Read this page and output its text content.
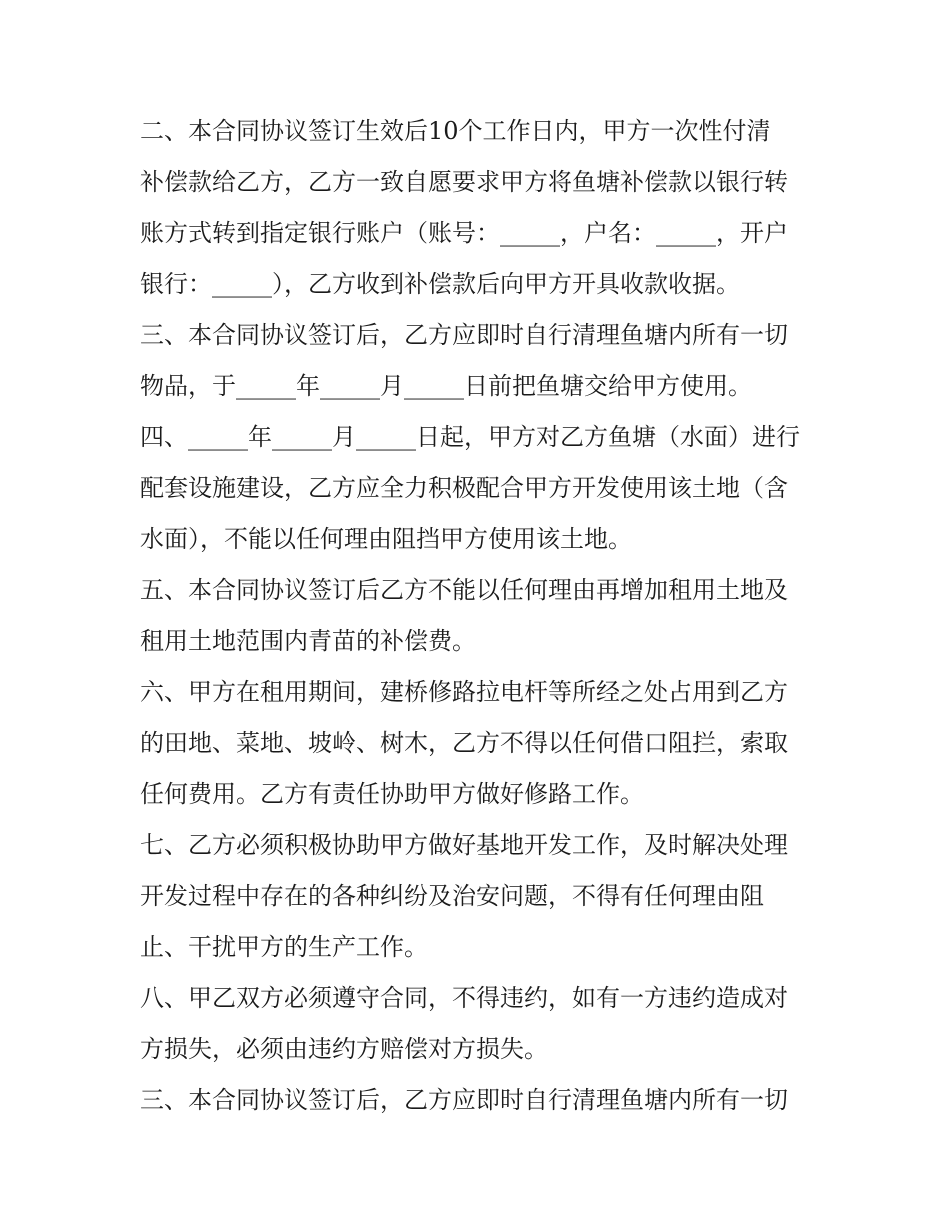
二、本合同协议签订生效后10个工作日内，甲方一次性付清
补偿款给乙方，乙方一致自愿要求甲方将鱼塘补偿款以银行转
账方式转到指定银行账户（账号：_____，户名：_____，开户
银行：_____），乙方收到补偿款后向甲方开具收款收据。
三、本合同协议签订后，乙方应即时自行清理鱼塘内所有一切
物品，于_____年_____月_____日前把鱼塘交给甲方使用。
四、_____年_____月_____日起，甲方对乙方鱼塘（水面）进行
配套设施建设，乙方应全力积极配合甲方开发使用该土地（含
水面），不能以任何理由阻挡甲方使用该土地。
五、本合同协议签订后乙方不能以任何理由再增加租用土地及
租用土地范围内青苗的补偿费。
六、甲方在租用期间，建桥修路拉电杆等所经之处占用到乙方
的田地、菜地、坡岭、树木，乙方不得以任何借口阻拦，索取
任何费用。乙方有责任协助甲方做好修路工作。
七、乙方必须积极协助甲方做好基地开发工作，及时解决处理
开发过程中存在的各种纠纷及治安问题，不得有任何理由阻
止、干扰甲方的生产工作。
八、甲乙双方必须遵守合同，不得违约，如有一方违约造成对
方损失，必须由违约方赔偿对方损失。
三、本合同协议签订后，乙方应即时自行清理鱼塘内所有一切
